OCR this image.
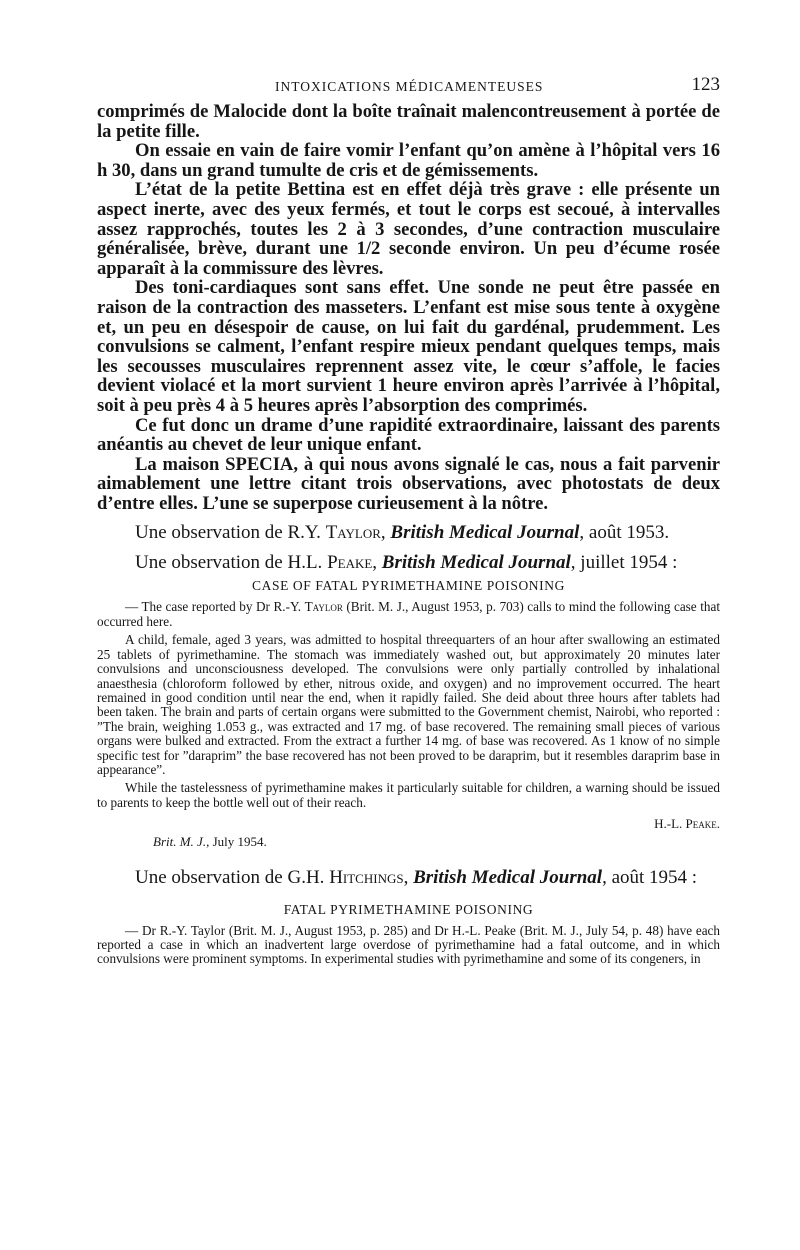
INTOXICATIONS MÉDICAMENTEUSES	123

comprimés de Malocide dont la boîte traînait malencontreusement à portée de la petite fille.

On essaie en vain de faire vomir l’enfant qu’on amène à l’hôpital vers 16 h 30, dans un grand tumulte de cris et de gémissements.

L’état de la petite Bettina est en effet déjà très grave : elle présente un aspect inerte, avec des yeux fermés, et tout le corps est secoué, à intervalles assez rapprochés, toutes les 2 à 3 secondes, d’une contraction musculaire généralisée, brève, durant une 1/2 seconde environ. Un peu d’écume rosée apparaît à la commissure des lèvres.

Des toni-cardiaques sont sans effet. Une sonde ne peut être passée en raison de la contraction des masseters. L’enfant est mise sous tente à oxygène et, un peu en désespoir de cause, on lui fait du gardénal, prudemment. Les convulsions se calment, l’enfant respire mieux pendant quelques temps, mais les secousses musculaires reprennent assez vite, le cœur s’affole, le facies devient violacé et la mort survient 1 heure environ après l’arrivée à l’hôpital, soit à peu près 4 à 5 heures après l’absorption des comprimés.

Ce fut donc un drame d’une rapidité extraordinaire, laissant des parents anéantis au chevet de leur unique enfant.

La maison SPECIA, à qui nous avons signalé le cas, nous a fait parvenir aimablement une lettre citant trois observations, avec photostats de deux d’entre elles. L’une se superpose curieusement à la nôtre.

Une observation de R.Y. Taylor, British Medical Journal, août 1953.

Une observation de H.L. Peake, British Medical Journal, juillet 1954 :

CASE OF FATAL PYRIMETHAMINE POISONING

— The case reported by Dr R.-Y. Taylor (Brit. M. J., August 1953, p. 703) calls to mind the following case that occurred here.

A child, female, aged 3 years, was admitted to hospital threequarters of an hour after swallowing an estimated 25 tablets of pyrimethamine. The stomach was immediately washed out, but approximately 20 minutes later convulsions and unconsciousness developed. The convulsions were only partially controlled by inhalational anaesthesia (chloroform followed by ether, nitrous oxide, and oxygen) and no improvement occurred. The heart remained in good condition until near the end, when it rapidly failed. She deid about three hours after tablets had been taken. The brain and parts of certain organs were submitted to the Government chemist, Nairobi, who reported : ”The brain, weighing 1.053 g., was extracted and 17 mg. of base recovered. The remaining small pieces of various organs were bulked and extracted. From the extract a further 14 mg. of base was recovered. As 1 know of no simple specific test for ”daraprim” the base recovered has not been proved to be daraprim, but it resembles daraprim base in appearance”.

While the tastelessness of pyrimethamine makes it particularly suitable for children, a warning should be issued to parents to keep the bottle well out of their reach.

H.-L. Peake.
Brit. M. J., July 1954.

Une observation de G.H. Hitchings, British Medical Journal, août 1954 :

FATAL PYRIMETHAMINE POISONING

— Dr R.-Y. Taylor (Brit. M. J., August 1953, p. 285) and Dr H.-L. Peake (Brit. M. J., July 54, p. 48) have each reported a case in which an inadvertent large overdose of pyrimethamine had a fatal outcome, and in which convulsions were prominent symptoms. In experimental studies with pyrimethamine and some of its congeners, in
